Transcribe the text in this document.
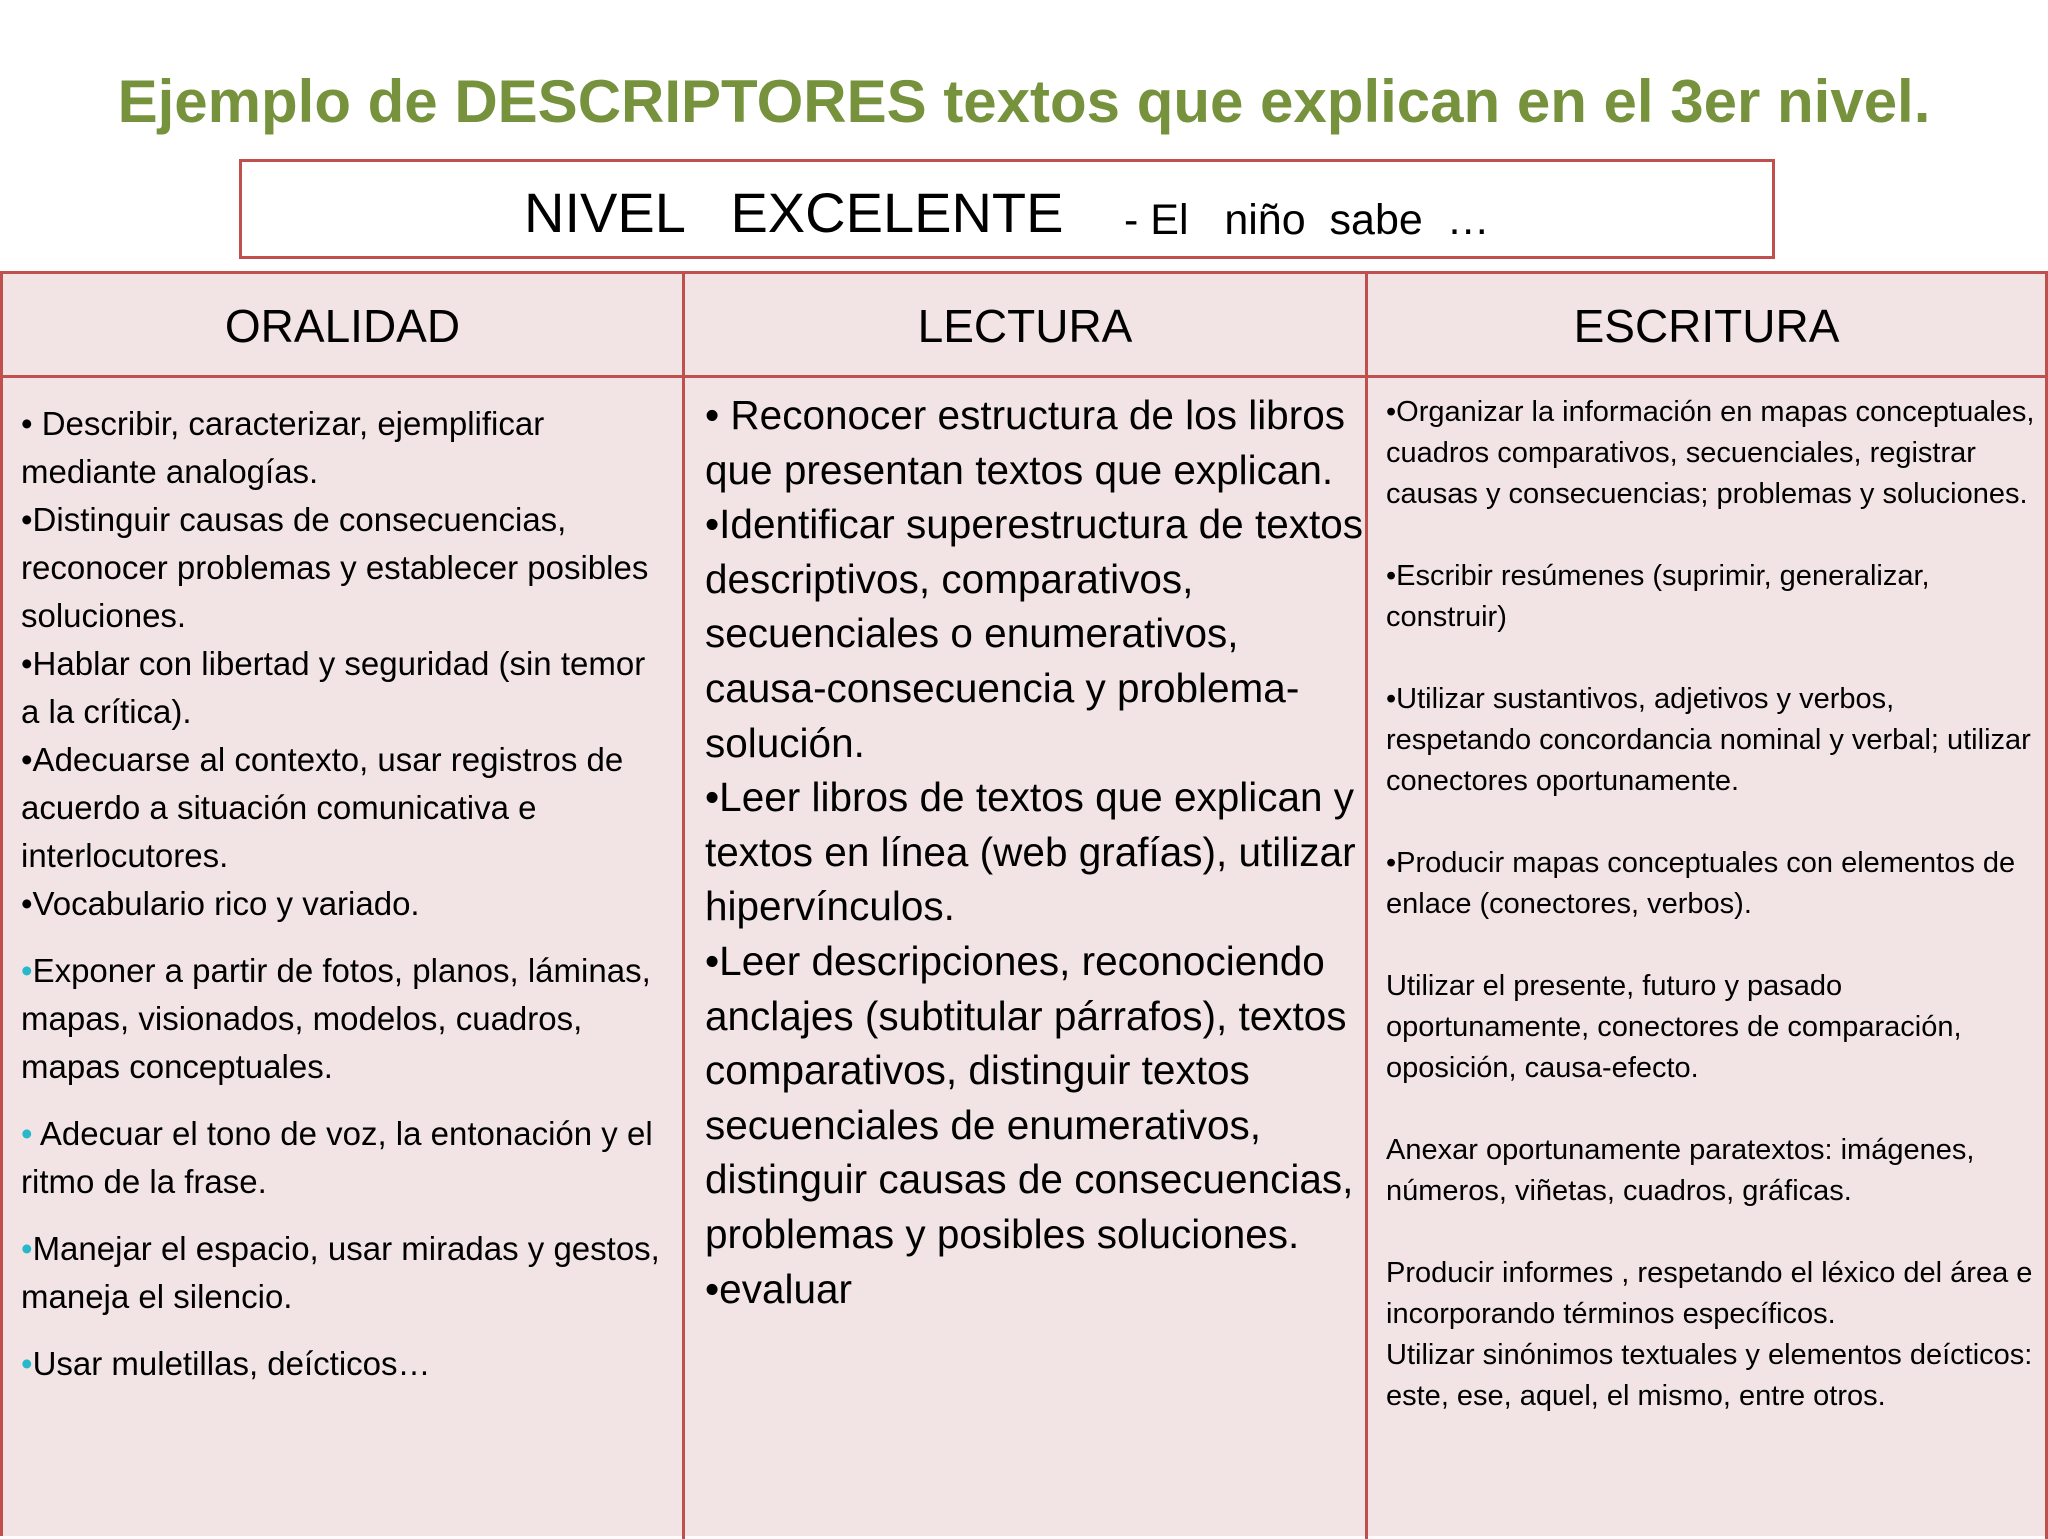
Ejemplo de DESCRIPTORES textos que explican en el 3er nivel.
NIVEL   EXCELENTE - El   niño  sabe  …
ORALIDAD

• Describir, caracterizar, ejemplificar mediante analogías.

•Distinguir causas de consecuencias, reconocer problemas y establecer posibles soluciones.

•Hablar con libertad y seguridad (sin temor a la crítica).

•Adecuarse al contexto, usar registros de acuerdo a situación comunicativa e interlocutores.

•Vocabulario rico y variado.

•Exponer a partir de fotos, planos, láminas, mapas, visionados, modelos, cuadros, mapas conceptuales.

• Adecuar el tono de voz, la entonación y el ritmo de la frase.

•Manejar el espacio, usar miradas y gestos, maneja el silencio.

•Usar muletillas, deícticos…

LECTURA

• Reconocer estructura de los libros que presentan textos que explican.

•Identificar superestructura de textos descriptivos, comparativos, secuenciales o enumerativos, causa-consecuencia y problema-solución.

•Leer libros de textos que explican y textos en línea (web grafías), utilizar hipervínculos.

•Leer descripciones, reconociendo anclajes (subtitular párrafos), textos comparativos, distinguir textos secuenciales de enumerativos, distinguir causas de consecuencias, problemas y posibles soluciones.

•evaluar

ESCRITURA

•Organizar la información en mapas conceptuales, cuadros comparativos, secuenciales, registrar causas y consecuencias; problemas y soluciones.

•Escribir resúmenes (suprimir, generalizar, construir)

•Utilizar sustantivos, adjetivos y verbos, respetando concordancia nominal y verbal; utilizar conectores oportunamente.

•Producir mapas conceptuales con elementos de enlace (conectores, verbos).

Utilizar el presente, futuro y pasado oportunamente, conectores de comparación, oposición, causa-efecto.

Anexar oportunamente paratextos: imágenes, números, viñetas, cuadros, gráficas.

Producir informes , respetando el léxico del área e incorporando términos específicos.

Utilizar sinónimos textuales y elementos deícticos: este, ese, aquel, el mismo, entre otros.
